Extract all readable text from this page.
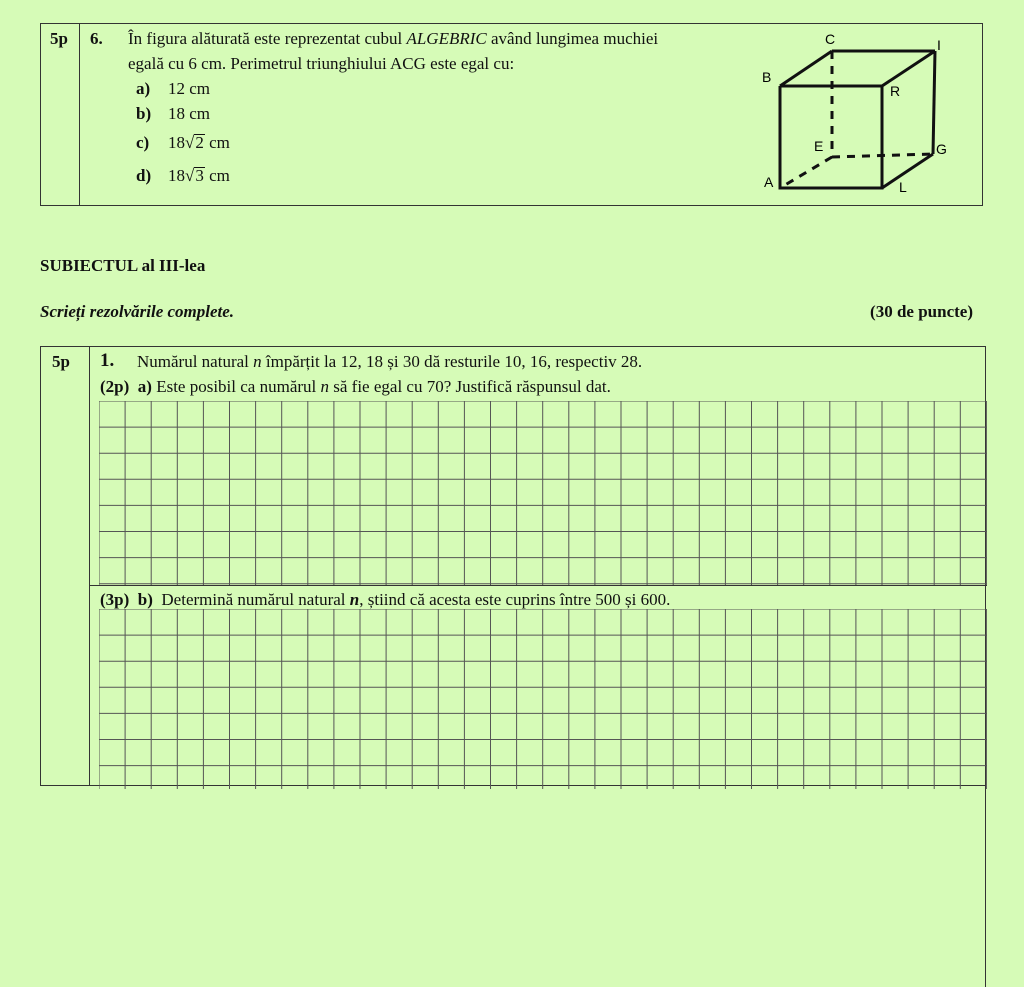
5p 6. În figura alăturată este reprezentat cubul ALGEBRIC având lungimea muchiei
egală cu 6 cm. Perimetrul triunghiului ACG este egal cu:
a) 12 cm
b) 18 cm
c) 18√2 cm
d) 18√3 cm
C	I
B
R
E	G
A	L
SUBIECTUL al III-lea
Scrieți rezolvările complete.	(30 de puncte)
5p 1. Numărul natural n împărțit la 12, 18 și 30 dă resturile 10, 16, respectiv 28.
(2p) a) Este posibil ca numărul n să fie egal cu 70? Justifică răspunsul dat.
(3p) b) Determină numărul natural n, știind că acesta este cuprins între 500 și 600.
